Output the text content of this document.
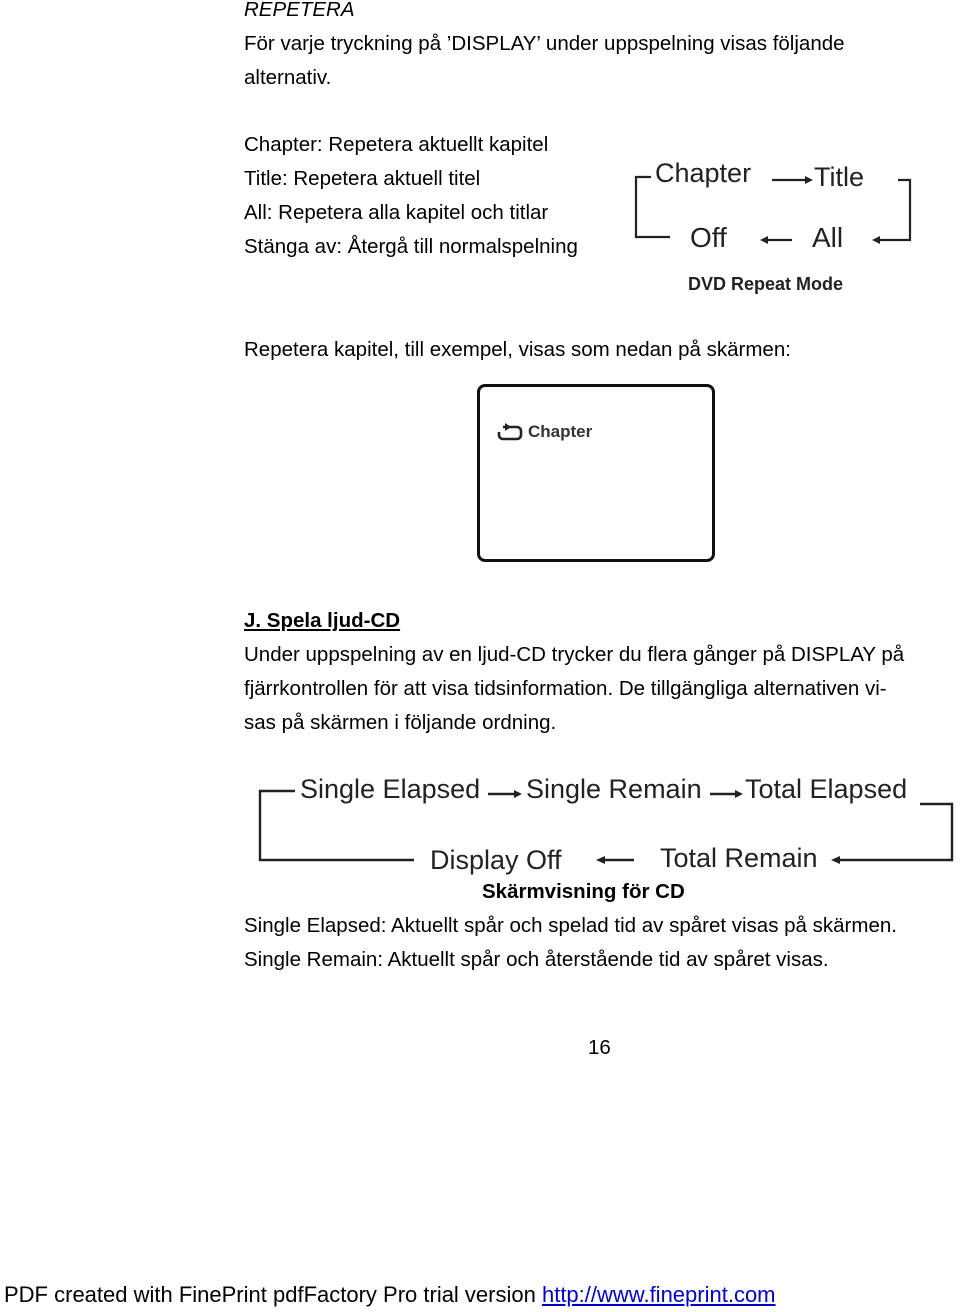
REPETERA
För varje tryckning på ’DISPLAY’ under uppspelning visas följande
alternativ.
Chapter: Repetera aktuellt kapitel
Title: Repetera aktuell titel
All: Repetera alla kapitel och titlar
Stänga av: Återgå till normalspelning
Chapter Title
Off	All
DVD Repeat Mode
Repetera kapitel, till exempel, visas som nedan på skärmen:
Chapter
J. Spela ljud-CD
Under uppspelning av en ljud-CD trycker du flera gånger på DISPLAY på
fjärrkontrollen för att visa tidsinformation. De tillgängliga alternativen vi-
sas på skärmen i följande ordning.
Single Elapsed Single Remain Total Elapsed
Display Off	Total Remain
Skärmvisning för CD
Single Elapsed: Aktuellt spår och spelad tid av spåret visas på skärmen.
Single Remain: Aktuellt spår och återstående tid av spåret visas.
16
PDF created with FinePrint pdfFactory Pro trial version http://www.fineprint.com
